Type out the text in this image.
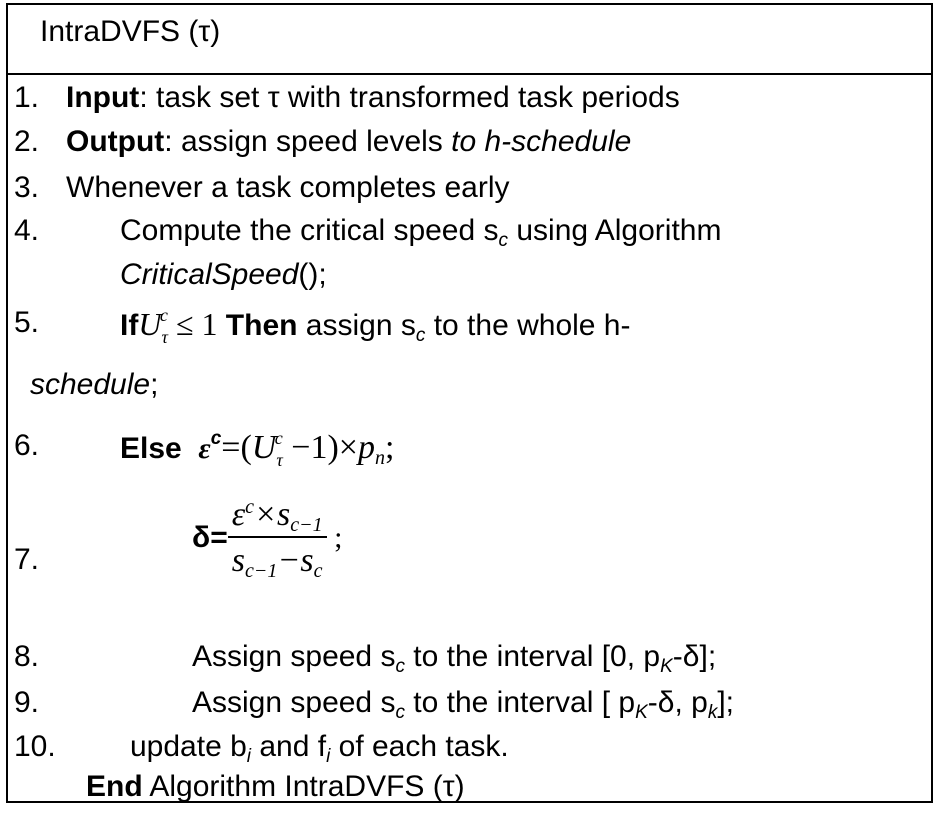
IntraDVFS (τ)
1. Input: task set τ with transformed task periods
2. Output: assign speed levels to h-schedule
3. Whenever a task completes early
4.	Compute the critical speed $s_c$ using Algorithm
CriticalSpeed();
5.	IfU$_\tau^c$ ≤ 1 Then assign $s_c$ to the whole h-
schedule;
6.	Else $\varepsilon^c=(U_\tau^c -1)\times p_n$;
7.
$\delta= \frac{\varepsilon^c\times s_{c-1}}{s_{c-1}-s_c}$ ;
8.	Assign speed $s_c$ to the interval [0, $p_K-\delta$];
9.	Assign speed $s_c$ to the interval [ $p_K-\delta$, $p_k$];
10. update $b_i$ and $f_i$ of each task.
End Algorithm IntraDVFS (τ)
